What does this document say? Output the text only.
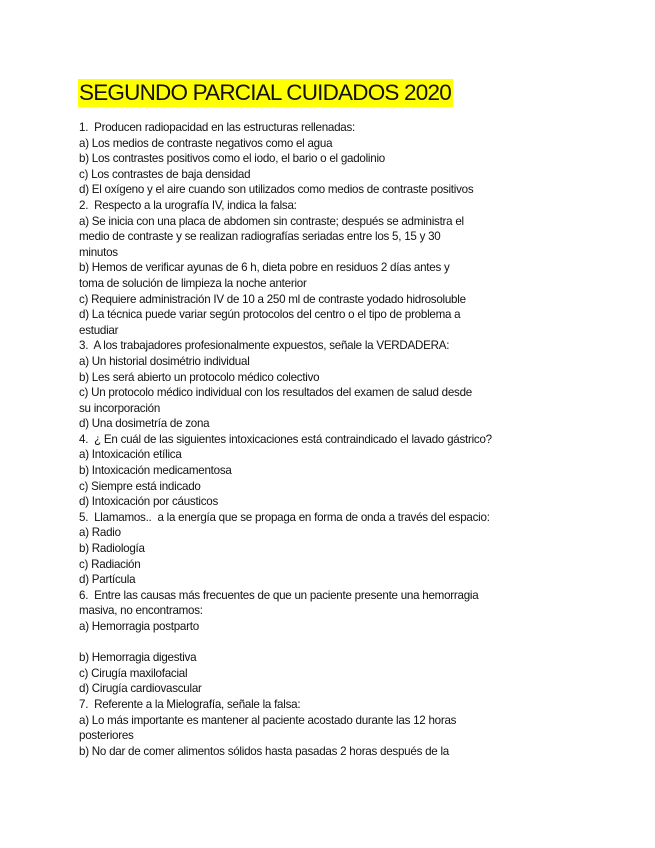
SEGUNDO PARCIAL CUIDADOS 2020
1.  Producen radiopacidad en las estructuras rellenadas:
a) Los medios de contraste negativos como el agua
b) Los contrastes positivos como el iodo, el bario o el gadolinio
c) Los contrastes de baja densidad
d) El oxígeno y el aire cuando son utilizados como medios de contraste positivos
2.  Respecto a la urografía IV, indica la falsa:
a) Se inicia con una placa de abdomen sin contraste; después se administra el
medio de contraste y se realizan radiografías seriadas entre los 5, 15 y 30
minutos
b) Hemos de verificar ayunas de 6 h, dieta pobre en residuos 2 días antes y
toma de solución de limpieza la noche anterior
c) Requiere administración IV de 10 a 250 ml de contraste yodado hidrosoluble
d) La técnica puede variar según protocolos del centro o el tipo de problema a
estudiar
3.  A los trabajadores profesionalmente expuestos, señale la VERDADERA:
a) Un historial dosimétrio individual
b) Les será abierto un protocolo médico colectivo
c) Un protocolo médico individual con los resultados del examen de salud desde
su incorporación
d) Una dosimetría de zona
4.  ¿ En cuál de las siguientes intoxicaciones está contraindicado el lavado gástrico?
a) Intoxicación etílica
b) Intoxicación medicamentosa
c) Siempre está indicado
d) Intoxicación por cáusticos
5.  Llamamos..  a la energía que se propaga en forma de onda a través del espacio:
a) Radio
b) Radiología
c) Radiación
d) Partícula
6.  Entre las causas más frecuentes de que un paciente presente una hemorragia
masiva, no encontramos:
a) Hemorragia postparto
b) Hemorragia digestiva
c) Cirugía maxilofacial
d) Cirugía cardiovascular
7.  Referente a la Mielografía, señale la falsa:
a) Lo más importante es mantener al paciente acostado durante las 12 horas
posteriores
b) No dar de comer alimentos sólidos hasta pasadas 2 horas después de la
